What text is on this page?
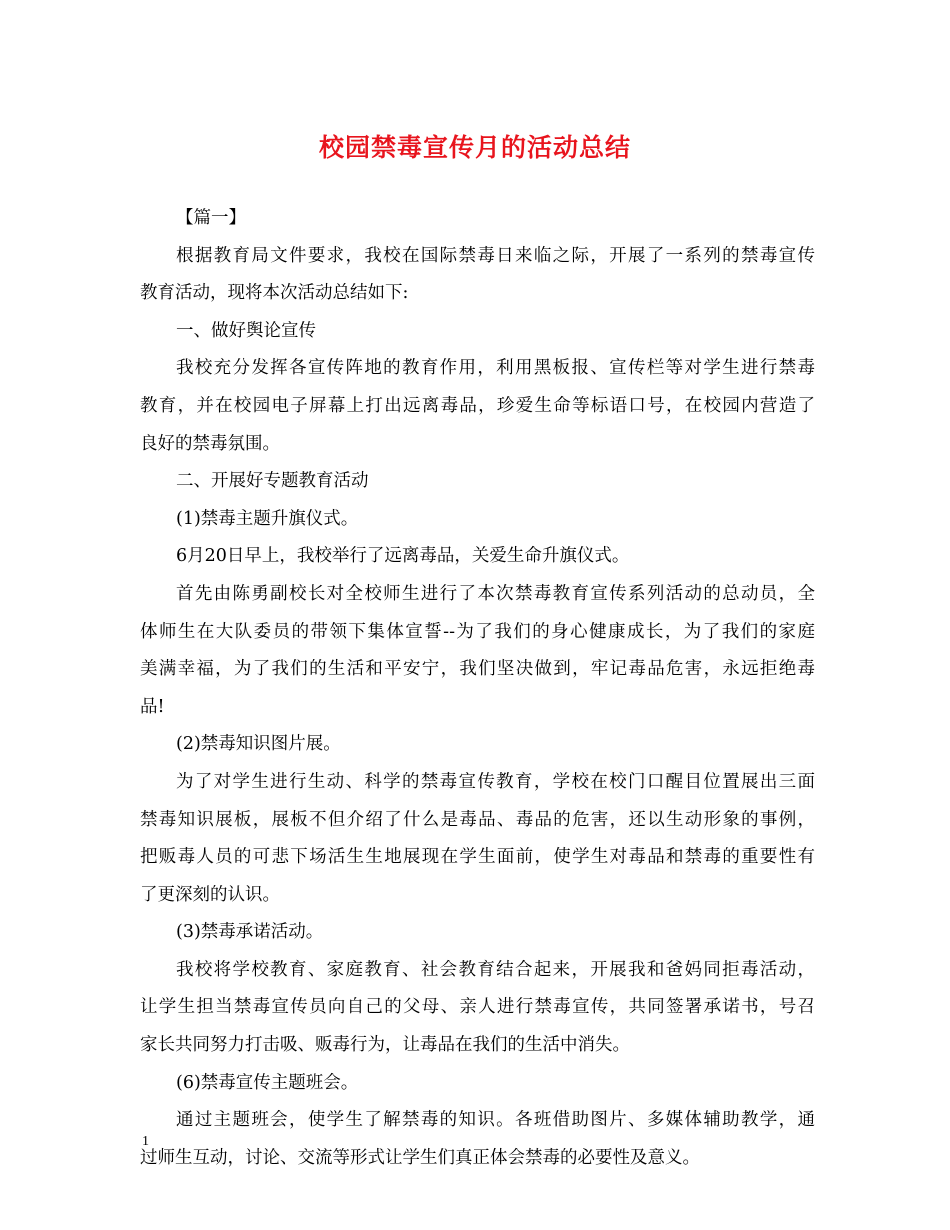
校园禁毒宣传月的活动总结
【篇一】
根据教育局文件要求，我校在国际禁毒日来临之际，开展了一系列的禁毒宣传
教育活动，现将本次活动总结如下:
一、做好舆论宣传
我校充分发挥各宣传阵地的教育作用，利用黑板报、宣传栏等对学生进行禁毒
教育，并在校园电子屏幕上打出远离毒品，珍爱生命等标语口号，在校园内营造了
良好的禁毒氛围。
二、开展好专题教育活动
(1)禁毒主题升旗仪式。
6月20日早上，我校举行了远离毒品，关爱生命升旗仪式。
首先由陈勇副校长对全校师生进行了本次禁毒教育宣传系列活动的总动员，全
体师生在大队委员的带领下集体宣誓--为了我们的身心健康成长，为了我们的家庭
美满幸福，为了我们的生活和平安宁，我们坚决做到，牢记毒品危害，永远拒绝毒
品!
(2)禁毒知识图片展。
为了对学生进行生动、科学的禁毒宣传教育，学校在校门口醒目位置展出三面
禁毒知识展板，展板不但介绍了什么是毒品、毒品的危害，还以生动形象的事例，
把贩毒人员的可悲下场活生生地展现在学生面前，使学生对毒品和禁毒的重要性有
了更深刻的认识。
(3)禁毒承诺活动。
我校将学校教育、家庭教育、社会教育结合起来，开展我和爸妈同拒毒活动，
让学生担当禁毒宣传员向自己的父母、亲人进行禁毒宣传，共同签署承诺书，号召
家长共同努力打击吸、贩毒行为，让毒品在我们的生活中消失。
(6)禁毒宣传主题班会。
通过主题班会，使学生了解禁毒的知识。各班借助图片、多媒体辅助教学，通
过师生互动，讨论、交流等形式让学生们真正体会禁毒的必要性及意义。
1
